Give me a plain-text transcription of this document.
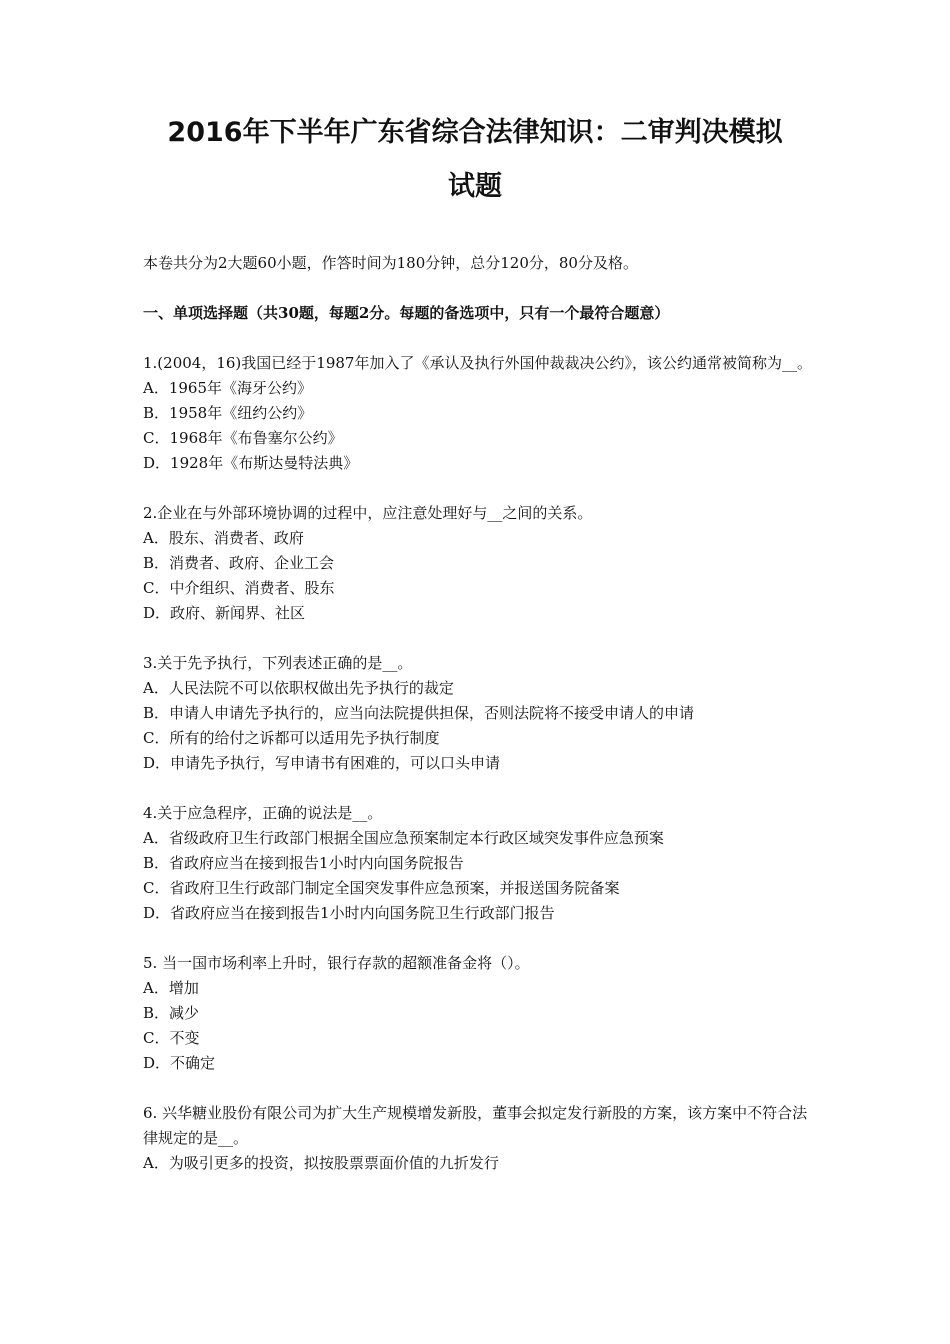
2016年下半年广东省综合法律知识：二审判决模拟
试题

本卷共分为2大题60小题，作答时间为180分钟，总分120分，80分及格。

一、单项选择题（共30题，每题2分。每题的备选项中，只有一个最符合题意）

1.(2004，16)我国已经于1987年加入了《承认及执行外国仲裁裁决公约》，该公约通常被简称为__。

A．1965年《海牙公约》
B．1958年《纽约公约》
C．1968年《布鲁塞尔公约》
D．1928年《布斯达曼特法典》

2.企业在与外部环境协调的过程中，应注意处理好与__之间的关系。

A．股东、消费者、政府
B．消费者、政府、企业工会
C．中介组织、消费者、股东
D．政府、新闻界、社区

3.关于先予执行，下列表述正确的是__。

A．人民法院不可以依职权做出先予执行的裁定
B．申请人申请先予执行的，应当向法院提供担保，否则法院将不接受申请人的申请
C．所有的给付之诉都可以适用先予执行制度
D．申请先予执行，写申请书有困难的，可以口头申请

4.关于应急程序，正确的说法是__。

A．省级政府卫生行政部门根据全国应急预案制定本行政区域突发事件应急预案
B．省政府应当在接到报告1小时内向国务院报告
C．省政府卫生行政部门制定全国突发事件应急预案，并报送国务院备案
D．省政府应当在接到报告1小时内向国务院卫生行政部门报告

5. 当一国市场利率上升时，银行存款的超额准备金将（）。

A．增加
B．减少
C．不变
D．不确定

6. 兴华糖业股份有限公司为扩大生产规模增发新股，董事会拟定发行新股的方案，该方案中不符合法律规定的是__。

A．为吸引更多的投资，拟按股票票面价值的九折发行
